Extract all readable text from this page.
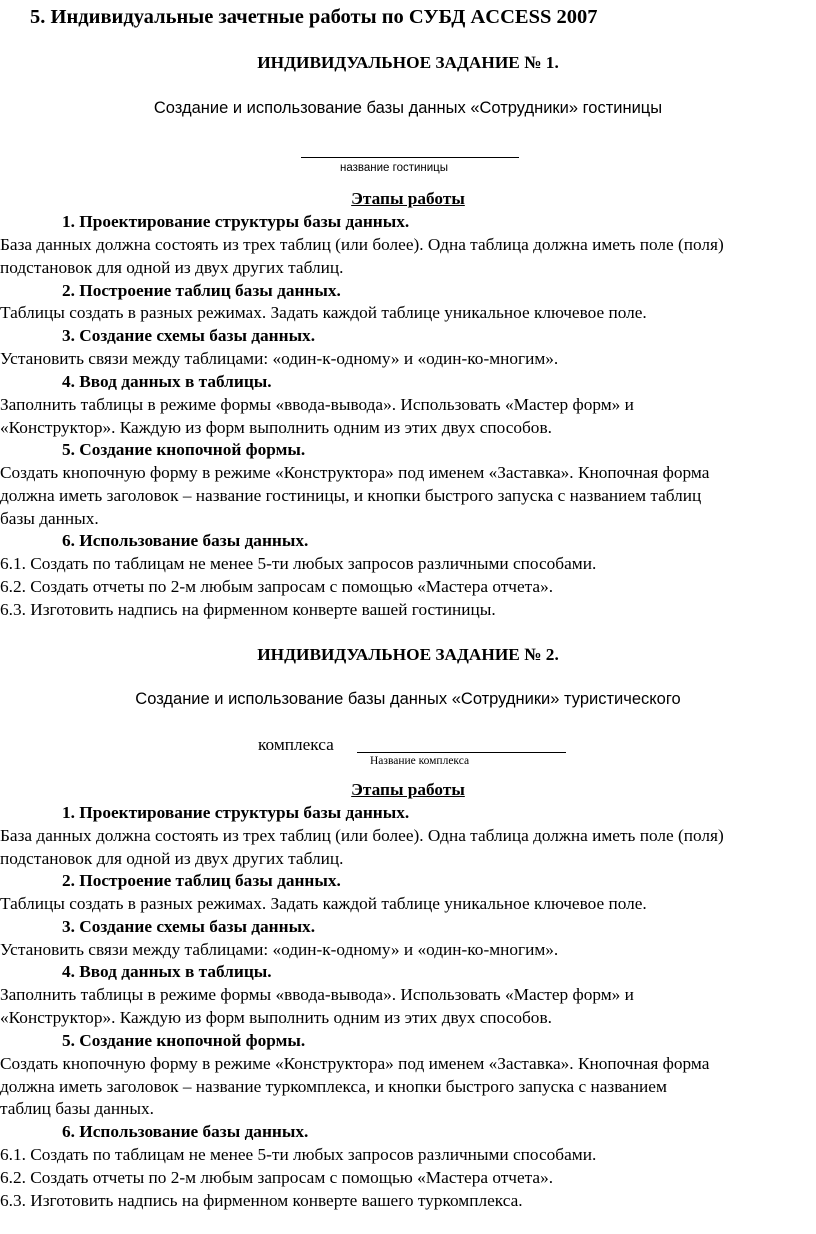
5. Индивидуальные зачетные работы по СУБД ACCESS 2007
ИНДИВИДУАЛЬНОЕ ЗАДАНИЕ № 1.
Создание и использование базы данных «Сотрудники» гостиницы
название гостиницы
Этапы работы
1. Проектирование структуры базы данных.
База данных должна состоять из трех таблиц (или более). Одна таблица должна иметь поле (поля)
подстановок для одной из двух других таблиц.
2. Построение таблиц базы данных.
Таблицы создать в разных режимах. Задать каждой таблице уникальное ключевое поле.
3. Создание схемы базы данных.
Установить связи между таблицами: «один-к-одному» и «один-ко-многим».
4. Ввод данных в таблицы.
Заполнить таблицы в режиме формы «ввода-вывода». Использовать «Мастер форм» и
«Конструктор». Каждую из форм выполнить одним из этих двух способов.
5. Создание кнопочной формы.
Создать кнопочную форму в режиме «Конструктора» под именем «Заставка». Кнопочная форма
должна иметь заголовок – название гостиницы, и кнопки быстрого запуска с названием таблиц
базы данных.
6. Использование базы данных.
6.1. Создать по таблицам не менее 5-ти любых запросов различными способами.
6.2. Создать отчеты по 2-м любым запросам с помощью «Мастера отчета».
6.3. Изготовить надпись на фирменном конверте вашей гостиницы.
ИНДИВИДУАЛЬНОЕ ЗАДАНИЕ № 2.
Создание и использование базы данных «Сотрудники» туристического
комплекса
Название комплекса
Этапы работы
1. Проектирование структуры базы данных.
База данных должна состоять из трех таблиц (или более). Одна таблица должна иметь поле (поля)
подстановок для одной из двух других таблиц.
2. Построение таблиц базы данных.
Таблицы создать в разных режимах. Задать каждой таблице уникальное ключевое поле.
3. Создание схемы базы данных.
Установить связи между таблицами: «один-к-одному» и «один-ко-многим».
4. Ввод данных в таблицы.
Заполнить таблицы в режиме формы «ввода-вывода». Использовать «Мастер форм» и
«Конструктор». Каждую из форм выполнить одним из этих двух способов.
5. Создание кнопочной формы.
Создать кнопочную форму в режиме «Конструктора» под именем «Заставка». Кнопочная форма
должна иметь заголовок – название туркомплекса, и кнопки быстрого запуска с названием
таблиц базы данных.
6. Использование базы данных.
6.1. Создать по таблицам не менее 5-ти любых запросов различными способами.
6.2. Создать отчеты по 2-м любым запросам с помощью «Мастера отчета».
6.3. Изготовить надпись на фирменном конверте вашего туркомплекса.
